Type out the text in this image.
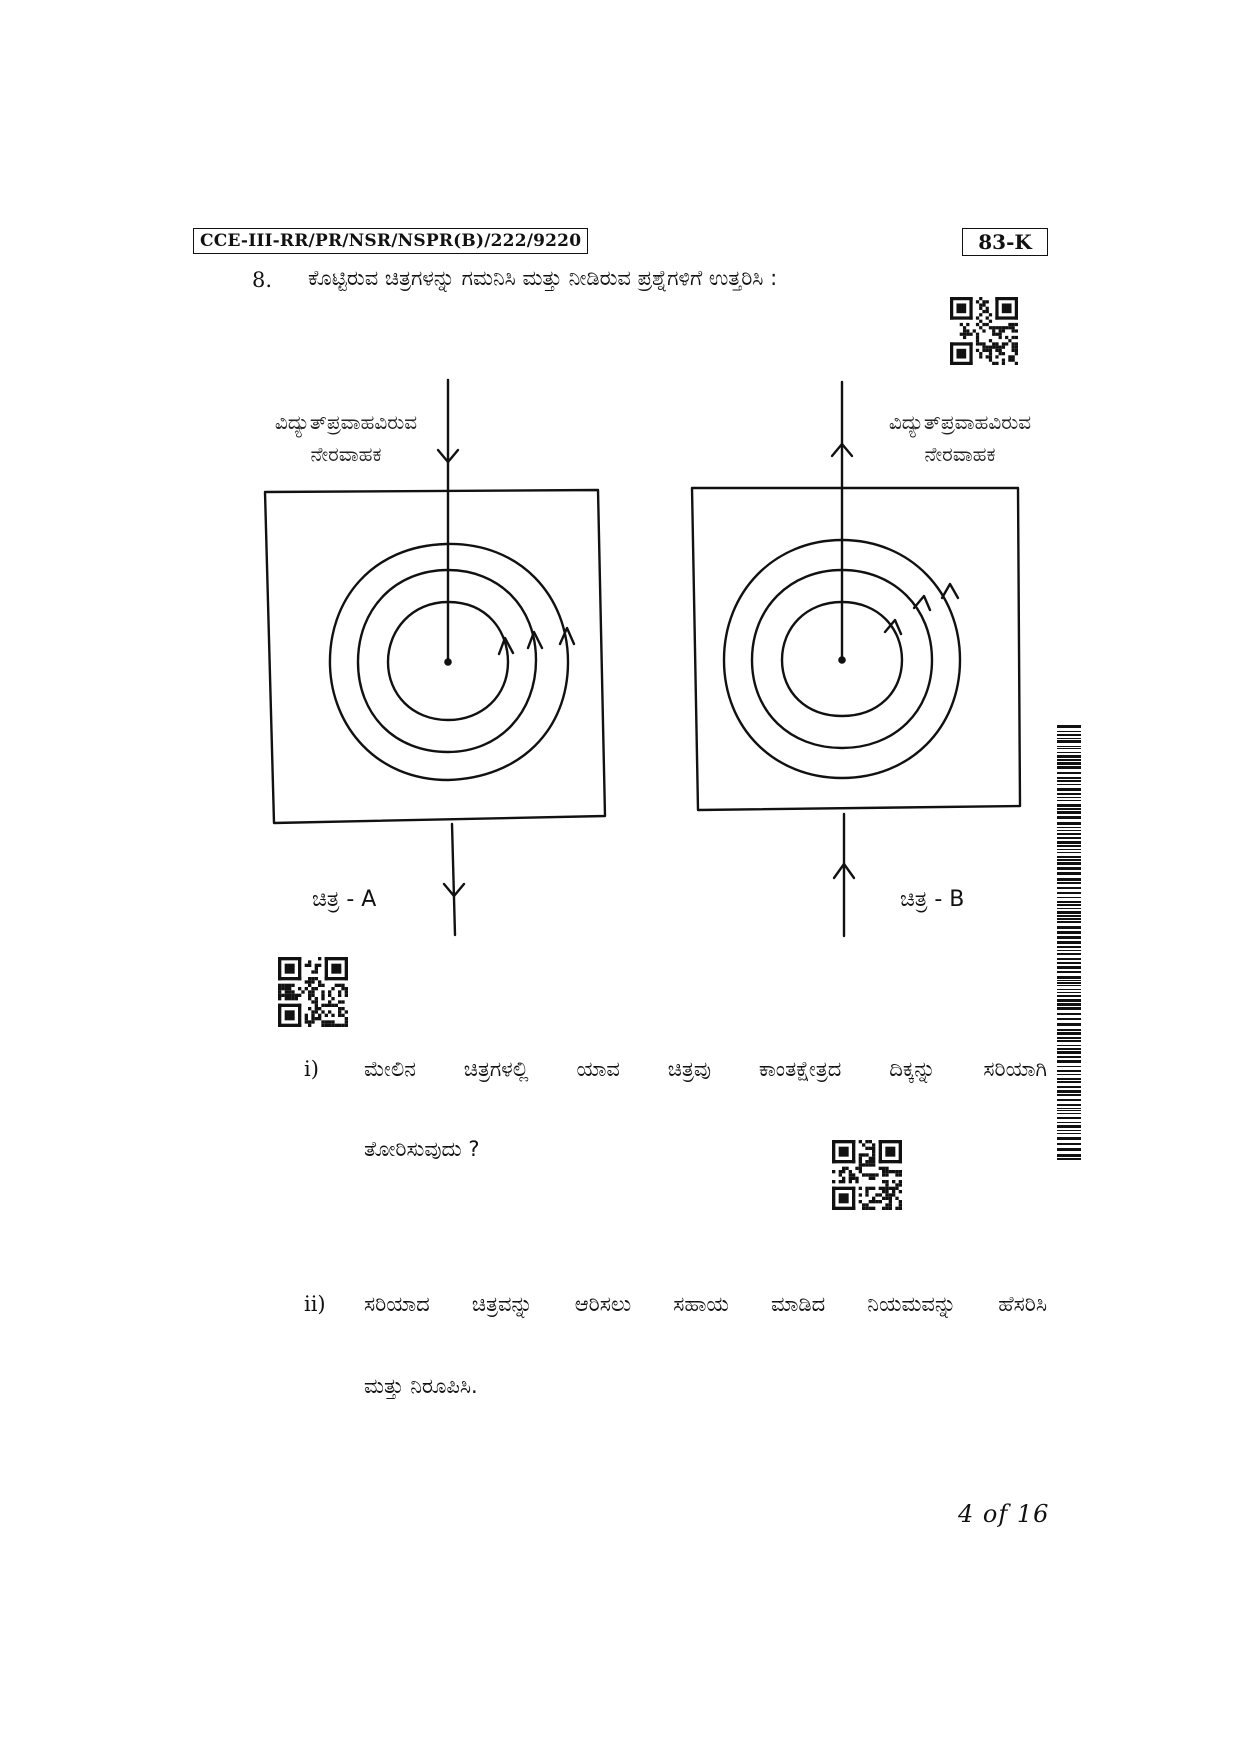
CCE-III-RR/PR/NSR/NSPR(B)/222/9220	83-K
8. ಕೊಟ್ಟಿರುವ ಚಿತ್ರಗಳನ್ನು ಗಮನಿಸಿ ಮತ್ತು ನೀಡಿರುವ ಪ್ರಶ್ನೆಗಳಿಗೆ ಉತ್ತರಿಸಿ :
ವಿದ್ಯುತ್‌ಪ್ರವಾಹವಿರುವ
ನೇರವಾಹಕ
ವಿದ್ಯುತ್‌ಪ್ರವಾಹವಿರುವ
ನೇರವಾಹಕ
ಚಿತ್ರ - A	ಚಿತ್ರ - B
i) ಮೇಲಿನ ಚಿತ್ರಗಳಲ್ಲಿ ಯಾವ ಚಿತ್ರವು ಕಾಂತಕ್ಷೇತ್ರದ ದಿಕ್ಕನ್ನು ಸರಿಯಾಗಿ
ತೋರಿಸುವುದು ?
ii) ಸರಿಯಾದ ಚಿತ್ರವನ್ನು ಆರಿಸಲು ಸಹಾಯ ಮಾಡಿದ ನಿಯಮವನ್ನು ಹೆಸರಿಸಿ
ಮತ್ತು ನಿರೂಪಿಸಿ.
4 of 16
